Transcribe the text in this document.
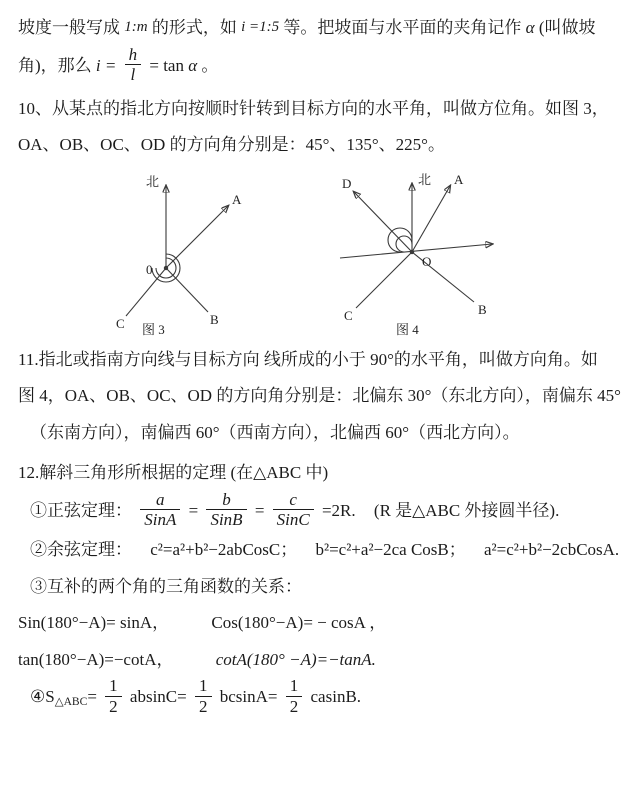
坡度一般写成 1:m 的形式，如 i =1:5 等。把坡面与水平面的夹角记作 α (叫做坡
角)，那么 $i = \frac{h}{l} = \tan \alpha$ 。
10、从某点的指北方向按顺时针转到目标方向的水平角，叫做方位角。如图 3，
OA、OB、OC、OD 的方向角分别是：45°、135°、225°。
北
A
C	B
0
图 3
北
D	A
C	B
O
图 4
11.指北或指南方向线与目标方向 线所成的小于 90°的水平角，叫做方向角。如
图 4，OA、OB、OC、OD 的方向角分别是：北偏东 30°（东北方向），南偏东 45°
（东南方向），南偏西 60°（西南方向），北偏西 60°（西北方向）。
12.解斜三角形所根据的定理 (在△ABC 中)
①正弦定理： $\frac{a}{\text{SinA}} = \frac{b}{\text{SinB}} = \frac{c}{\text{SinC}} =2R$. (R 是△ABC 外接圆半径).
②余弦定理： c²=a²+b²−2abCosC； b²=c²+a²−2ca CosB； a²=c²+b²−2cbCosA.
③互补的两个角的三角函数的关系：
Sin(180°−A)= sinA， Cos(180°−A)= − cosA ，
tan(180°−A)=−cotA， cotA(180° −A)=−tanA.
$④S_{\triangle ABC}= \frac{1}{2} absinC= \frac{1}{2} bcsinA= \frac{1}{2} casinB$.
